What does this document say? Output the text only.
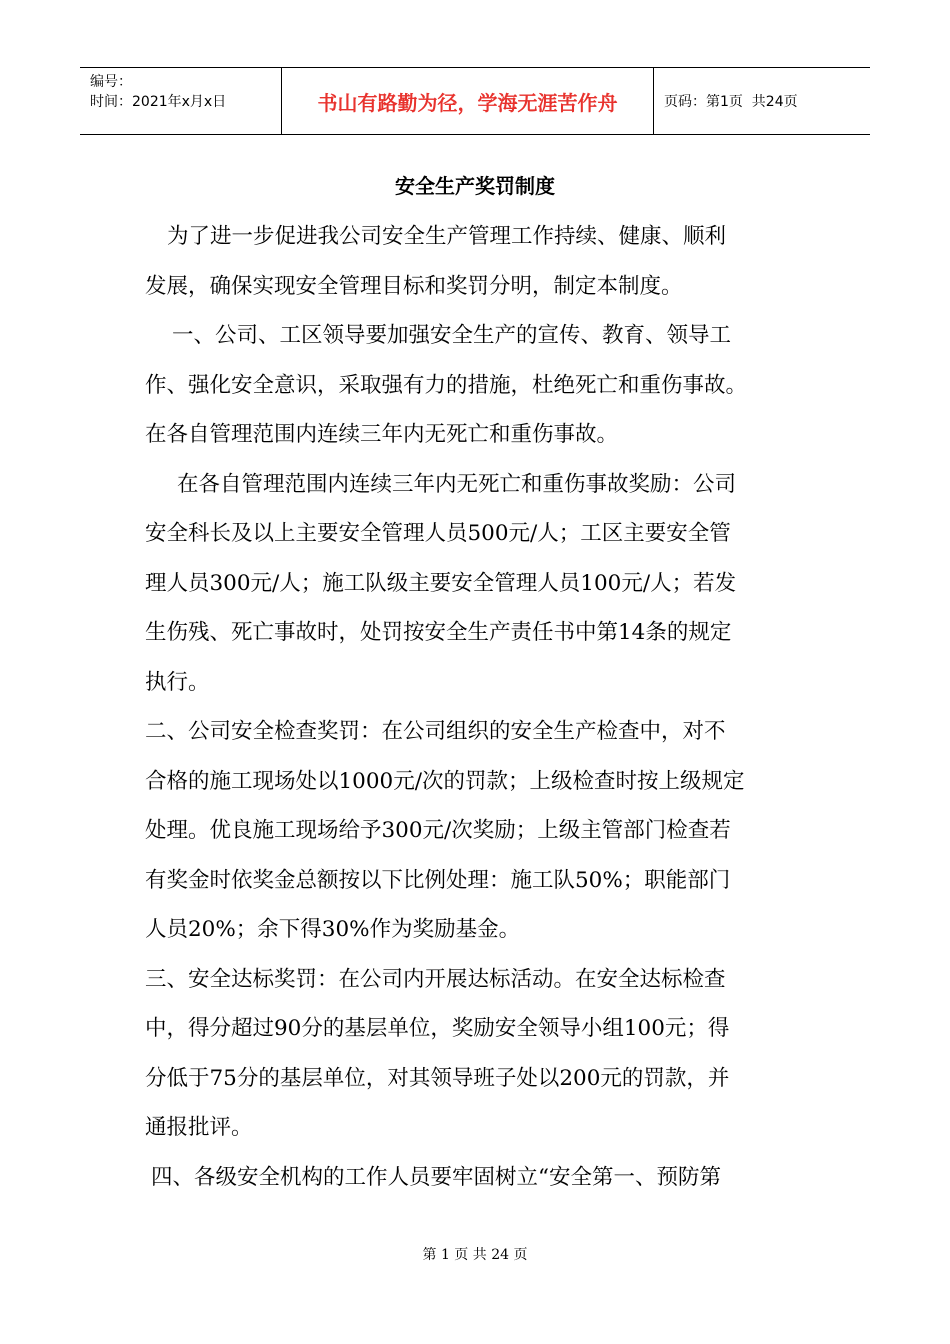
编号：
时间：2021年x月x日	书山有路勤为径，学海无涯苦作舟	页码：第1页  共24页
安全生产奖罚制度
为了进一步促进我公司安全生产管理工作持续、健康、顺利
发展，确保实现安全管理目标和奖罚分明，制定本制度。
一、公司、工区领导要加强安全生产的宣传、教育、领导工
作、强化安全意识，采取强有力的措施，杜绝死亡和重伤事故。
在各自管理范围内连续三年内无死亡和重伤事故。
在各自管理范围内连续三年内无死亡和重伤事故奖励：公司
安全科长及以上主要安全管理人员500元/人；工区主要安全管
理人员300元/人；施工队级主要安全管理人员100元/人；若发
生伤残、死亡事故时，处罚按安全生产责任书中第14条的规定
执行。
二、公司安全检查奖罚：在公司组织的安全生产检查中，对不
合格的施工现场处以1000元/次的罚款；上级检查时按上级规定
处理。优良施工现场给予300元/次奖励；上级主管部门检查若
有奖金时依奖金总额按以下比例处理：施工队50%；职能部门
人员20%；余下得30%作为奖励基金。
三、安全达标奖罚：在公司内开展达标活动。在安全达标检查
中，得分超过90分的基层单位，奖励安全领导小组100元；得
分低于75分的基层单位，对其领导班子处以200元的罚款，并
通报批评。
四、各级安全机构的工作人员要牢固树立“安全第一、预防第
第 1 页 共 24 页
